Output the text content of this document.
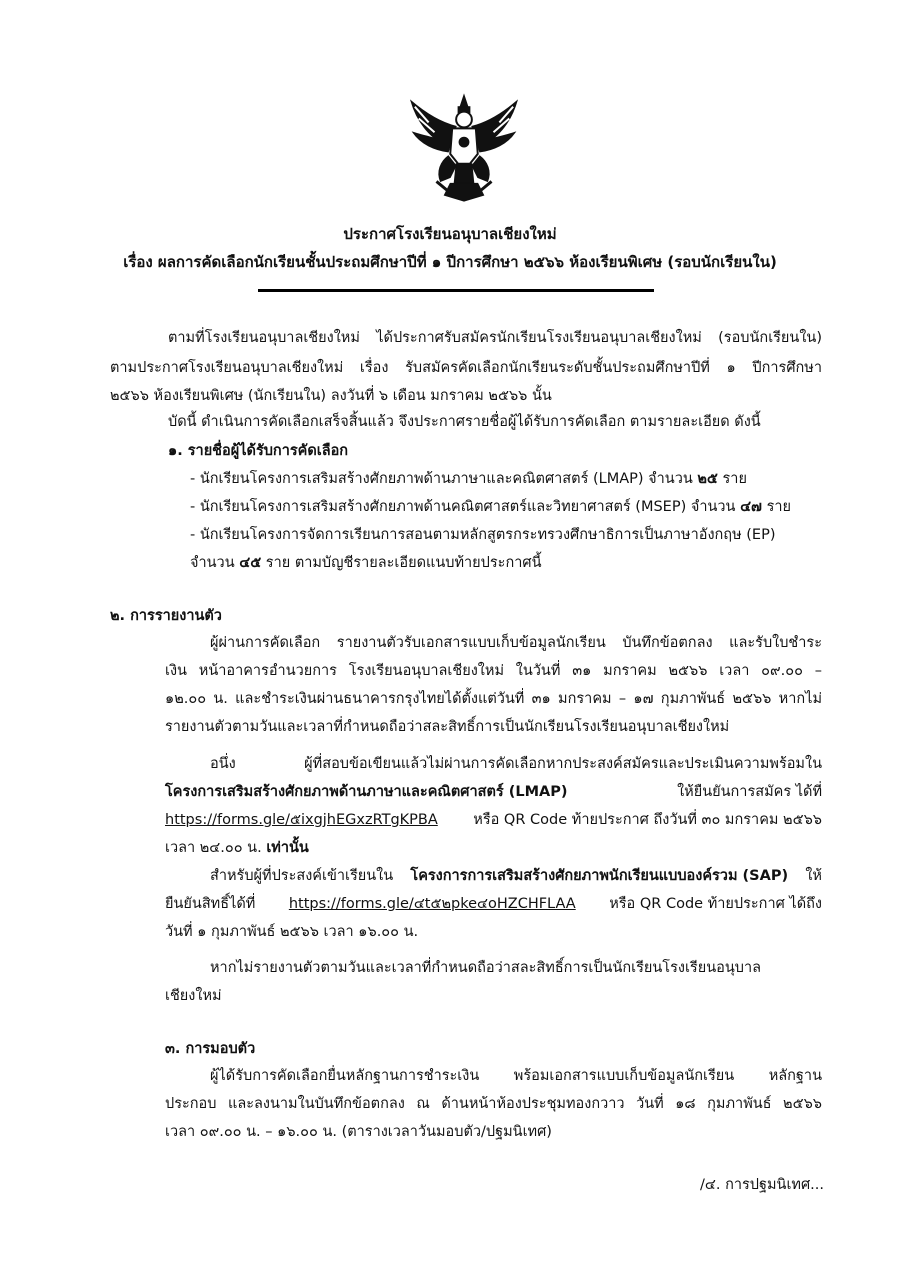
ประกาศโรงเรียนอนุบาลเชียงใหม่
เรื่อง ผลการคัดเลือกนักเรียนชั้นประถมศึกษาปีที่ ๑ ปีการศึกษา ๒๕๖๖ ห้องเรียนพิเศษ (รอบนักเรียนใน)
ตามที่โรงเรียนอนุบาลเชียงใหม่ ได้ประกาศรับสมัครนักเรียนโรงเรียนอนุบาลเชียงใหม่ (รอบนักเรียนใน)
ตามประกาศโรงเรียนอนุบาลเชียงใหม่ เรื่อง รับสมัครคัดเลือกนักเรียนระดับชั้นประถมศึกษาปีที่ ๑ ปีการศึกษา
๒๕๖๖ ห้องเรียนพิเศษ (นักเรียนใน) ลงวันที่ ๖ เดือน มกราคม ๒๕๖๖ นั้น
บัดนี้ ดำเนินการคัดเลือกเสร็จสิ้นแล้ว จึงประกาศรายชื่อผู้ได้รับการคัดเลือก ตามรายละเอียด ดังนี้
๑. รายชื่อผู้ได้รับการคัดเลือก
- นักเรียนโครงการเสริมสร้างศักยภาพด้านภาษาและคณิตศาสตร์ (LMAP) จำนวน ๒๕ ราย
- นักเรียนโครงการเสริมสร้างศักยภาพด้านคณิตศาสตร์และวิทยาศาสตร์ (MSEP) จำนวน ๔๗ ราย
- นักเรียนโครงการจัดการเรียนการสอนตามหลักสูตรกระทรวงศึกษาธิการเป็นภาษาอังกฤษ (EP)
จำนวน ๔๕ ราย ตามบัญชีรายละเอียดแนบท้ายประกาศนี้
๒. การรายงานตัว
ผู้ผ่านการคัดเลือก รายงานตัวรับเอกสารแบบเก็บข้อมูลนักเรียน บันทึกข้อตกลง และรับใบชำระ
เงิน หน้าอาคารอำนวยการ โรงเรียนอนุบาลเชียงใหม่ ในวันที่ ๓๑ มกราคม ๒๕๖๖ เวลา ๐๙.๐๐ –
๑๒.๐๐ น. และชำระเงินผ่านธนาคารกรุงไทยได้ตั้งแต่วันที่ ๓๑ มกราคม – ๑๗ กุมภาพันธ์ ๒๕๖๖ หากไม่
รายงานตัวตามวันและเวลาที่กำหนดถือว่าสละสิทธิ์การเป็นนักเรียนโรงเรียนอนุบาลเชียงใหม่
อนึ่ง ผู้ที่สอบข้อเขียนแล้วไม่ผ่านการคัดเลือกหากประสงค์สมัครและประเมินความพร้อมใน
โครงการเสริมสร้างศักยภาพด้านภาษาและคณิตศาสตร์ (LMAP)	ให้ยืนยันการสมัคร ได้ที่
https://forms.gle/๕ixgjhEGxzRTgKPBA หรือ QR Code ท้ายประกาศ ถึงวันที่ ๓๐ มกราคม ๒๕๖๖
เวลา ๒๔.๐๐ น. เท่านั้น
สำหรับผู้ที่ประสงค์เข้าเรียนใน โครงการการเสริมสร้างศักยภาพนักเรียนแบบองค์รวม (SAP) ให้
ยืนยันสิทธิ์ได้ที่ https://forms.gle/๔t๕๒pke๔oHZCHFLAA หรือ QR Code ท้ายประกาศ ได้ถึง
วันที่ ๑ กุมภาพันธ์ ๒๕๖๖ เวลา ๑๖.๐๐ น.
หากไม่รายงานตัวตามวันและเวลาที่กำหนดถือว่าสละสิทธิ์การเป็นนักเรียนโรงเรียนอนุบาล
เชียงใหม่
๓. การมอบตัว
ผู้ได้รับการคัดเลือกยื่นหลักฐานการชำระเงิน พร้อมเอกสารแบบเก็บข้อมูลนักเรียน หลักฐาน
ประกอบ และลงนามในบันทึกข้อตกลง ณ ด้านหน้าห้องประชุมทองกวาว วันที่ ๑๘ กุมภาพันธ์ ๒๕๖๖
เวลา ๐๙.๐๐ น. – ๑๖.๐๐ น. (ตารางเวลาวันมอบตัว/ปฐมนิเทศ)
/๔. การปฐมนิเทศ...
